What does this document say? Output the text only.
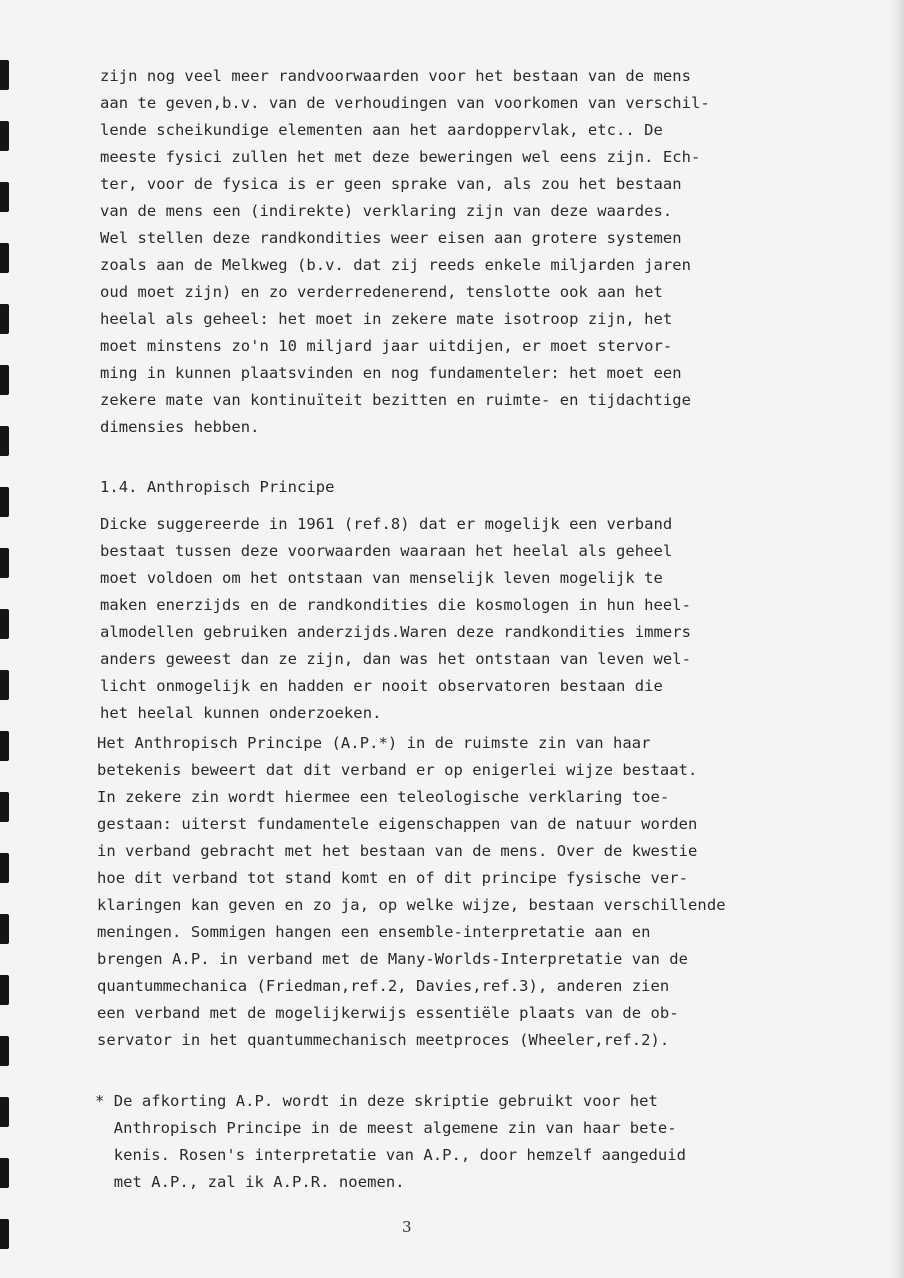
zijn nog veel meer randvoorwaarden voor het bestaan van de mens

aan te geven,b.v. van de verhoudingen van voorkomen van verschil-

lende scheikundige elementen aan het aardoppervlak, etc.. De

meeste fysici zullen het met deze beweringen wel eens zijn. Ech-

ter, voor de fysica is er geen sprake van, als zou het bestaan

van de mens een (indirekte) verklaring zijn van deze waardes.

Wel stellen deze randkondities weer eisen aan grotere systemen

zoals aan de Melkweg (b.v. dat zij reeds enkele miljarden jaren

oud moet zijn) en zo verderredenerend, tenslotte ook aan het

heelal als geheel: het moet in zekere mate isotroop zijn, het

moet minstens zo'n 10 miljard jaar uitdijen, er moet stervor-

ming in kunnen plaatsvinden en nog fundamenteler: het moet een

zekere mate van kontinuïteit bezitten en ruimte- en tijdachtige

dimensies hebben.

1.4. Anthropisch Principe

Dicke suggereerde in 1961 (ref.8) dat er mogelijk een verband

bestaat tussen deze voorwaarden waaraan het heelal als geheel

moet voldoen om het ontstaan van menselijk leven mogelijk te

maken enerzijds en de randkondities die kosmologen in hun heel-

almodellen gebruiken anderzijds.Waren deze randkondities immers

anders geweest dan ze zijn, dan was het ontstaan van leven wel-

licht onmogelijk en hadden er nooit observatoren bestaan die

het heelal kunnen onderzoeken.

Het Anthropisch Principe (A.P.*) in de ruimste zin van haar

betekenis beweert dat dit verband er op enigerlei wijze bestaat.

In zekere zin wordt hiermee een teleologische verklaring toe-

gestaan: uiterst fundamentele eigenschappen van de natuur worden

in verband gebracht met het bestaan van de mens. Over de kwestie

hoe dit verband tot stand komt en of dit principe fysische ver-

klaringen kan geven en zo ja, op welke wijze, bestaan verschillende

meningen. Sommigen hangen een ensemble-interpretatie aan en

brengen A.P. in verband met de Many-Worlds-Interpretatie van de

quantummechanica (Friedman,ref.2, Davies,ref.3), anderen zien

een verband met de mogelijkerwijs essentiële plaats van de ob-

servator in het quantummechanisch meetproces (Wheeler,ref.2).

* De afkorting A.P. wordt in deze skriptie gebruikt voor het

Anthropisch Principe in de meest algemene zin van haar bete-

kenis. Rosen's interpretatie van A.P., door hemzelf aangeduid

met A.P., zal ik A.P.R. noemen.

3
